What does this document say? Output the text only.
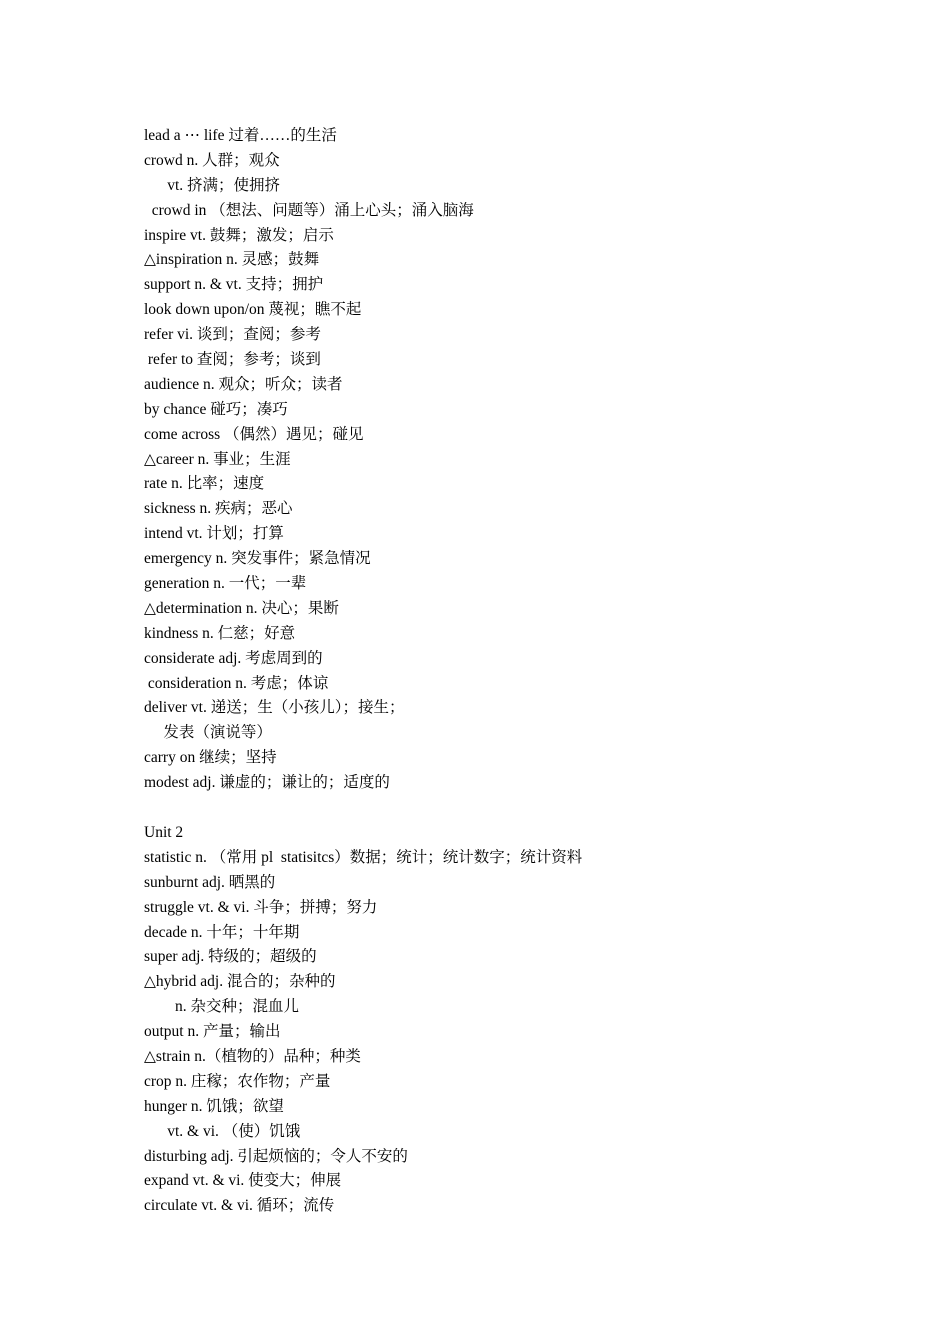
lead a ⋯ life 过着……的生活
crowd n. 人群；观众
vt. 挤满；使拥挤
crowd in （想法、问题等）涌上心头；涌入脑海
inspire vt. 鼓舞；激发；启示
△inspiration n. 灵感；鼓舞
support n. & vt. 支持；拥护
look down upon/on 蔑视；瞧不起
refer vi. 谈到；查阅；参考
refer to 查阅；参考；谈到
audience n. 观众；听众；读者
by chance 碰巧；凑巧
come across （偶然）遇见；碰见
△career n. 事业；生涯
rate n. 比率；速度
sickness n. 疾病；恶心
intend vt. 计划；打算
emergency n. 突发事件；紧急情况
generation n. 一代；一辈
△determination n. 决心；果断
kindness n. 仁慈；好意
considerate adj. 考虑周到的
consideration n. 考虑；体谅
deliver vt. 递送；生（小孩儿）；接生；
发表（演说等）
carry on 继续；坚持
modest adj. 谦虚的；谦让的；适度的
Unit 2
statistic n. （常用 pl  statisitcs）数据；统计；统计数字；统计资料
sunburnt adj. 晒黑的
struggle vt. & vi. 斗争；拼搏；努力
decade n. 十年；十年期
super adj. 特级的；超级的
△hybrid adj. 混合的；杂种的
n. 杂交种；混血儿
output n. 产量；输出
△strain n.（植物的）品种；种类
crop n. 庄稼；农作物；产量
hunger n. 饥饿；欲望
vt. & vi. （使）饥饿
disturbing adj. 引起烦恼的；令人不安的
expand vt. & vi. 使变大；伸展
circulate vt. & vi. 循环；流传
